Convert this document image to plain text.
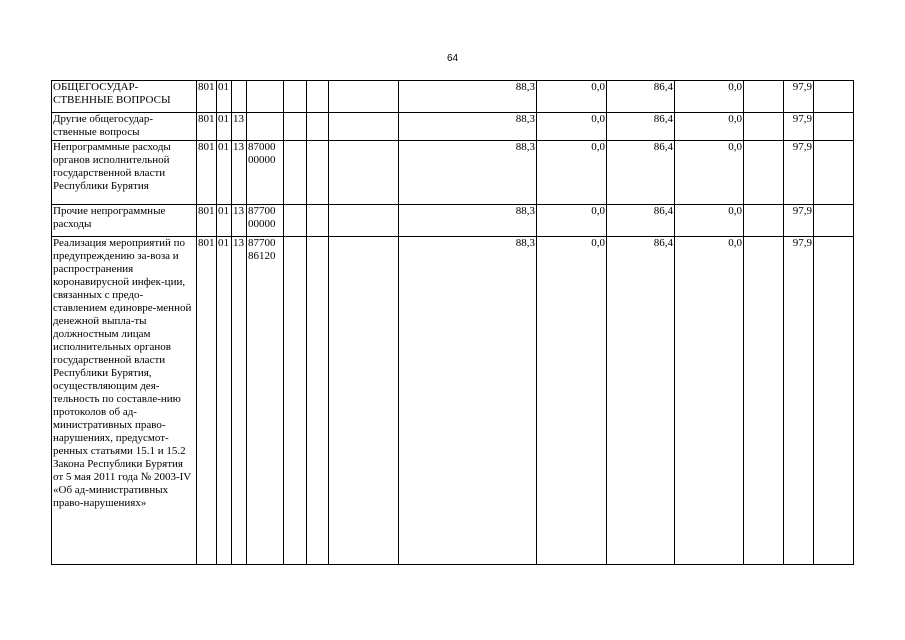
64
ОБЩЕГОСУДАР-СТВЕННЫЕ ВОПРОСЫ	801	01						88,3	0,0	86,4	0,0		97,9	
Другие общегосудар-ственные вопросы	801	01	13					88,3	0,0	86,4	0,0		97,9	
Непрограммные расходы органов исполнительной государственной власти Республики Бурятия	801	01	13	87000 00000				88,3	0,0	86,4	0,0		97,9	
Прочие непрограммные расходы	801	01	13	87700 00000				88,3	0,0	86,4	0,0		97,9	
Реализация мероприятий по предупреждению за-воза и распространения коронавирусной инфек-ции, связанных с предо-ставлением единовре-менной денежной выпла-ты должностным лицам исполнительных органов государственной власти Республики Бурятия, осуществляющим дея-тельность по составле-нию протоколов об ад-министративных право-нарушениях, предусмот-ренных статьями 15.1 и 15.2 Закона Республики Бурятия от 5 мая 2011 года № 2003-IV «Об ад-министративных право-нарушениях»	801	01	13	87700 86120				88,3	0,0	86,4	0,0		97,9	
